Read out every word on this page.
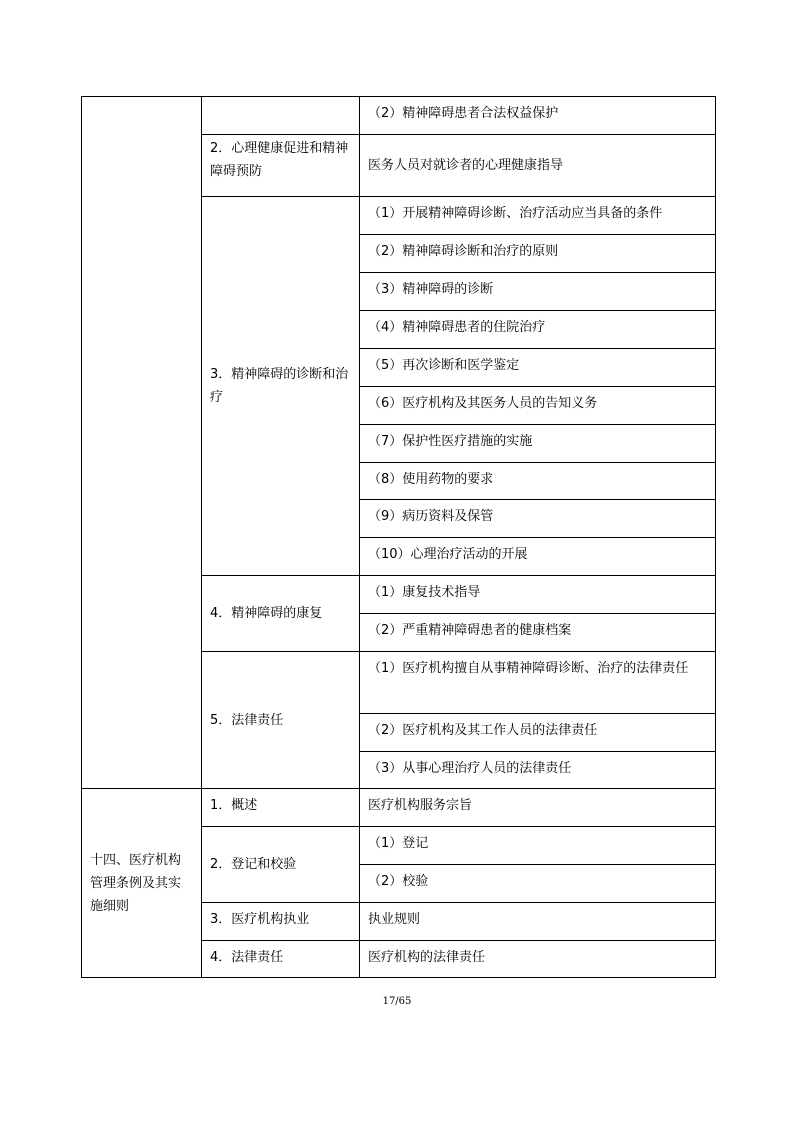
2．心理健康促进和精神障碍预防
3．精神障碍的诊断和治疗
4．精神障碍的康复
5．法律责任
（2）精神障碍患者合法权益保护
医务人员对就诊者的心理健康指导
（1）开展精神障碍诊断、治疗活动应当具备的条件
（2）精神障碍诊断和治疗的原则
（3）精神障碍的诊断
（4）精神障碍患者的住院治疗
（5）再次诊断和医学鉴定
（6）医疗机构及其医务人员的告知义务
（7）保护性医疗措施的实施
（8）使用药物的要求
（9）病历资料及保管
（10）心理治疗活动的开展
（1）康复技术指导
（2）严重精神障碍患者的健康档案
（1）医疗机构擅自从事精神障碍诊断、治疗的法律责任
（2）医疗机构及其工作人员的法律责任
（3）从事心理治疗人员的法律责任
十四、医疗机构管理条例及其实施细则
1．概述
2．登记和校验
3．医疗机构执业
4．法律责任
医疗机构服务宗旨
（1）登记
（2）校验
执业规则
医疗机构的法律责任
17/65
